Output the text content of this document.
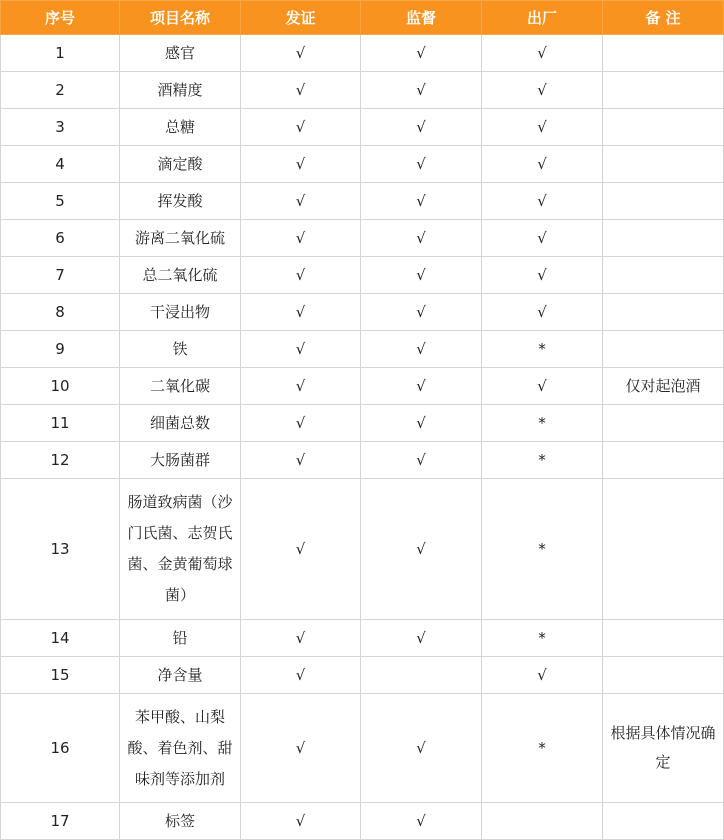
序号	项目名称	发证	监督	出厂	备 注
1	感官	√	√	√	
2	酒精度	√	√	√	
3	总糖	√	√	√	
4	滴定酸	√	√	√	
5	挥发酸	√	√	√	
6	游离二氧化硫	√	√	√	
7	总二氧化硫	√	√	√	
8	干浸出物	√	√	√	
9	铁	√	√	*	
10	二氧化碳	√	√	√	仅对起泡酒
11	细菌总数	√	√	*	
12	大肠菌群	√	√	*	
13	肠道致病菌（沙门氏菌、志贺氏菌、金黄葡萄球菌）	√	√	*	
14	铅	√	√	*	
15	净含量	√		√	
16	苯甲酸、山梨酸、着色剂、甜味剂等添加剂	√	√	*	根据具体情况确定
17	标签	√	√		
